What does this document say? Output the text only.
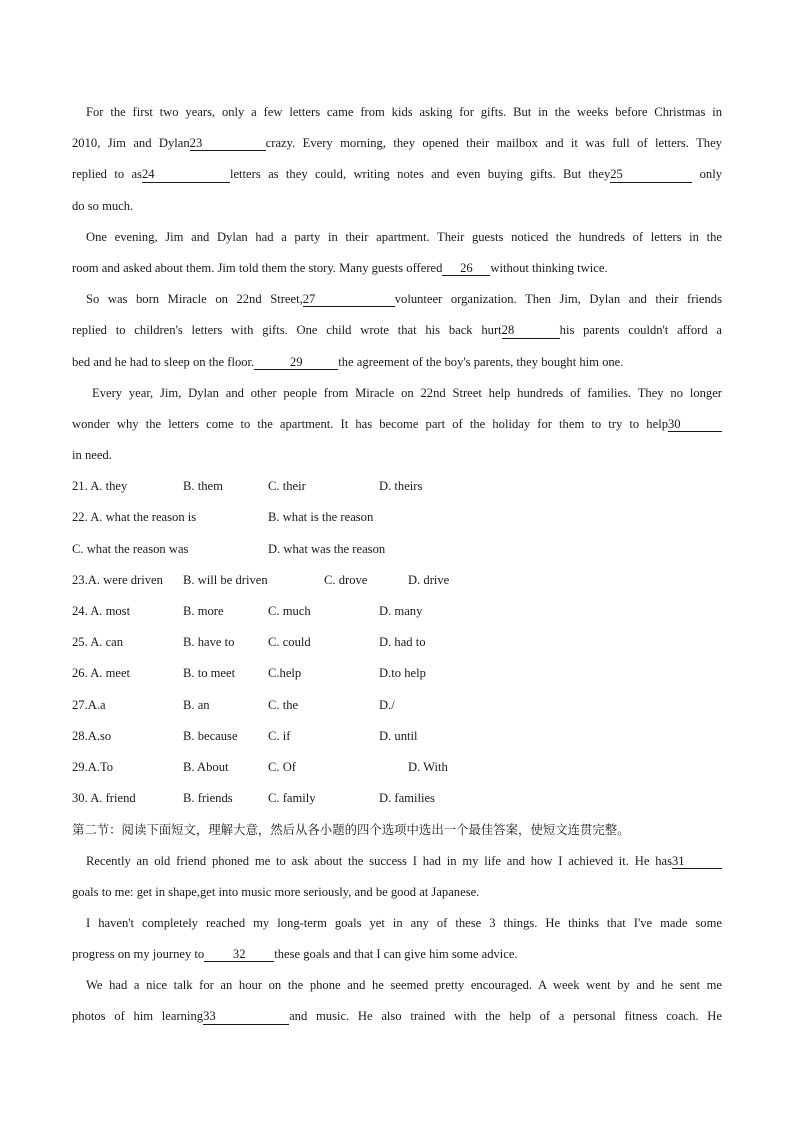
For the first two years, only a few letters came from kids asking for gifts. But in the weeks before Christmas in
2010, Jim and Dylan23	crazy. Every morning, they opened their mailbox and it was full of letters. They
replied to as24	letters as they could, writing notes and even buying gifts. But they25	only
do so much.
One evening, Jim and Dylan had a party in their apartment. Their guests noticed the hundreds of letters in the
room and asked about them. Jim told them the story. Many guests offered 26 without thinking twice.
So was born Miracle on 22nd Street,27	volunteer organization. Then Jim, Dylan and their friends
replied to children's letters with gifts. One child wrote that his back hurt28	his parents couldn't afford a
bed and he had to sleep on the floor.	29	the agreement of the boy's parents, they bought him one.
Every year, Jim, Dylan and other people from Miracle on 22nd Street help hundreds of families. They no longer
wonder why the letters come to the apartment. It has become part of the holiday for them to try to help30
in need.
21. A. they	B. them	C. their	D. theirs
22. A. what the reason is	B. what is the reason
C. what the reason was	D. what was the reason
23.A. were driven B. will be driven	C. drove	D. drive
24. A. most	B. more	C. much	D. many
25. A. can	B. have to	C. could	D. had to
26. A. meet	B. to meet	C.help	D.to help
27.A.a	B. an	C. the	D./
28.A.so	B. because C. if	D. until
29.A.To	B. About	C. Of	D. With
30. A. friend	B. friends	C. family	D. families
第二节：阅读下面短文，理解大意，然后从各小题的四个选项中选出一个最佳答案，使短文连贯完整。
Recently an old friend phoned me to ask about the success I had in my life and how I achieved it. He has31
goals to me: get in shape,get into music more seriously, and be good at Japanese.
I haven't completely reached my long-term goals yet in any of these 3 things. He thinks that I've made some
progress on my journey to 32 these goals and that I can give him some advice.
We had a nice talk for an hour on the phone and he seemed pretty encouraged. A week went by and he sent me
photos of him learning33	and music. He also trained with the help of a personal fitness coach. He
